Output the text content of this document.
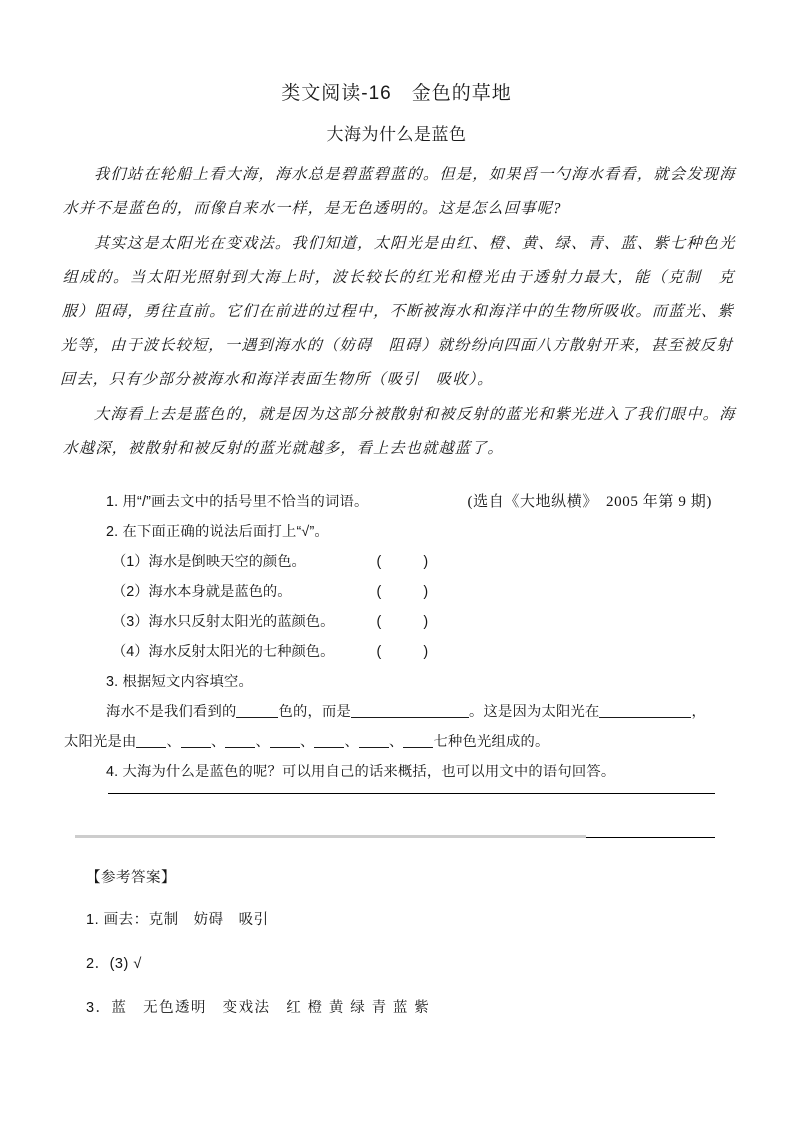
类文阅读-16　金色的草地
大海为什么是蓝色

我们站在轮船上看大海，海水总是碧蓝碧蓝的。但是，如果舀一勺海水看看，就会发现海水并不是蓝色的，而像自来水一样，是无色透明的。这是怎么回事呢?

其实这是太阳光在变戏法。我们知道，太阳光是由红、橙、黄、绿、青、蓝、紫七种色光组成的。当太阳光照射到大海上时，波长较长的红光和橙光由于透射力最大，能（克制　克服）阻碍，勇往直前。它们在前进的过程中，不断被海水和海洋中的生物所吸收。而蓝光、紫光等，由于波长较短，一遇到海水的（妨碍　阻碍）就纷纷向四面八方散射开来，甚至被反射回去，只有少部分被海水和海洋表面生物所（吸引　吸收）。

大海看上去是蓝色的，就是因为这部分被散射和被反射的蓝光和紫光进入了我们眼中。海水越深，被散射和被反射的蓝光就越多，看上去也就越蓝了。

(选自《大地纵横》　2005 年第 9 期)
1. 用“/”画去文中的括号里不恰当的词语。
2. 在下面正确的说法后面打上“√”。
（1）海水是倒映天空的颜色。	(	)
（2）海水本身就是蓝色的。	(	)
（3）海水只反射太阳光的蓝颜色。	(	)
（4）海水反射太阳光的七种颜色。	(	)
3. 根据短文内容填空。
海水不是我们看到的	色的，而是	。这是因为太阳光在	，
太阳光是由 、 、 、 、 、 、 七种色光组成的。
4. 大海为什么是蓝色的呢？可以用自己的话来概括，也可以用文中的语句回答。
【参考答案】
1. 画去：克制　妨碍　吸引
2．(3) √
3．蓝　无色透明　变戏法　红 橙 黄 绿 青 蓝 紫
